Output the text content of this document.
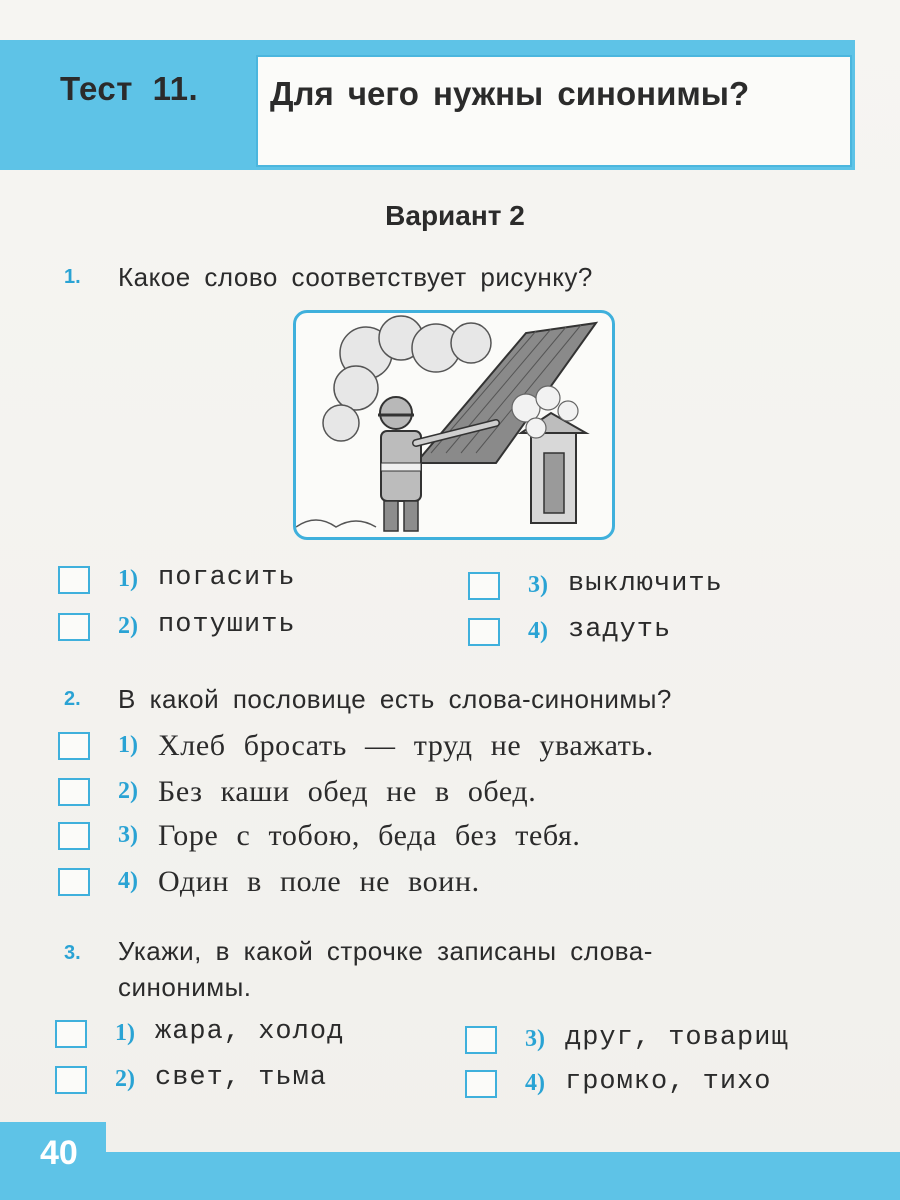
Тест 11. Для чего нужны синонимы?
Вариант 2
1. Какое слово соответствует рисунку?
1) погасить
2) потушить
3) выключить
4) задуть
2. В какой пословице есть слова-синонимы?
1) Хлеб бросать — труд не уважать.
2) Без каши обед не в обед.
3) Горе с тобою, беда без тебя.
4) Один в поле не воин.
3. Укажи, в какой строчке записаны слова-
синонимы.
1) жара, холод
2) свет, тьма
3) друг, товарищ
4) громко, тихо
40
